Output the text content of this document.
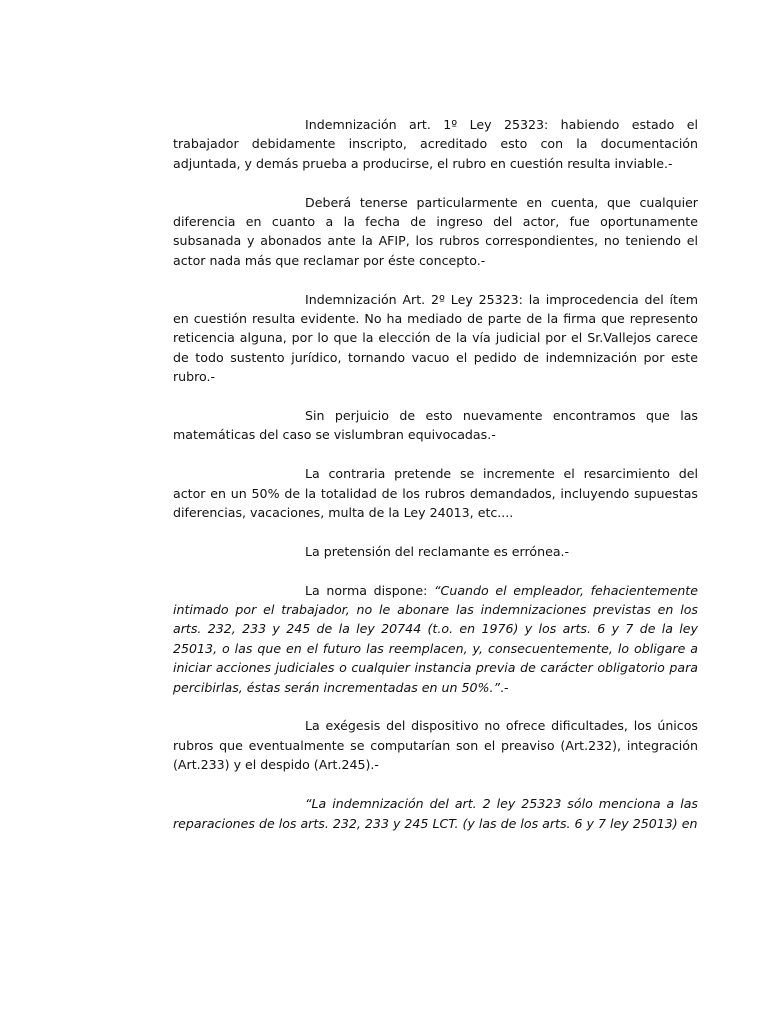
Indemnización art. 1º Ley 25323: habiendo estado el trabajador debidamente inscripto, acreditado esto con la documentación adjuntada, y demás prueba a producirse, el rubro en cuestión resulta inviable.-

Deberá tenerse particularmente en cuenta, que cualquier diferencia en cuanto a la fecha de ingreso del actor, fue oportunamente subsanada y abonados ante la AFIP, los rubros correspondientes, no teniendo el actor nada más que reclamar por éste concepto.-

Indemnización Art. 2º Ley 25323: la improcedencia del ítem en cuestión resulta evidente. No ha mediado de parte de la firma que represento reticencia alguna, por lo que la elección de la vía judicial por el Sr.Vallejos carece de todo sustento jurídico, tornando vacuo el pedido de indemnización por este rubro.-

Sin perjuicio de esto nuevamente encontramos que las matemáticas del caso se vislumbran equivocadas.-

La contraria pretende se incremente el resarcimiento del actor en un 50% de la totalidad de los rubros demandados, incluyendo supuestas diferencias, vacaciones, multa de la Ley 24013, etc....

La pretensión del reclamante es errónea.-

La norma dispone: “Cuando el empleador, fehacientemente intimado por el trabajador, no le abonare las indemnizaciones previstas en los arts. 232, 233 y 245 de la ley 20744 (t.o. en 1976) y los arts. 6 y 7 de la ley 25013, o las que en el futuro las reemplacen, y, consecuentemente, lo obligare a iniciar acciones judiciales o cualquier instancia previa de carácter obligatorio para percibirlas, éstas serán incrementadas en un 50%.”.-

La exégesis del dispositivo no ofrece dificultades, los únicos rubros que eventualmente se computarían son el preaviso (Art.232), integración (Art.233) y el despido (Art.245).-

“La indemnización del art. 2 ley 25323 sólo menciona a las reparaciones de los arts. 232, 233 y 245 LCT. (y las de los arts. 6 y 7 ley 25013) en
